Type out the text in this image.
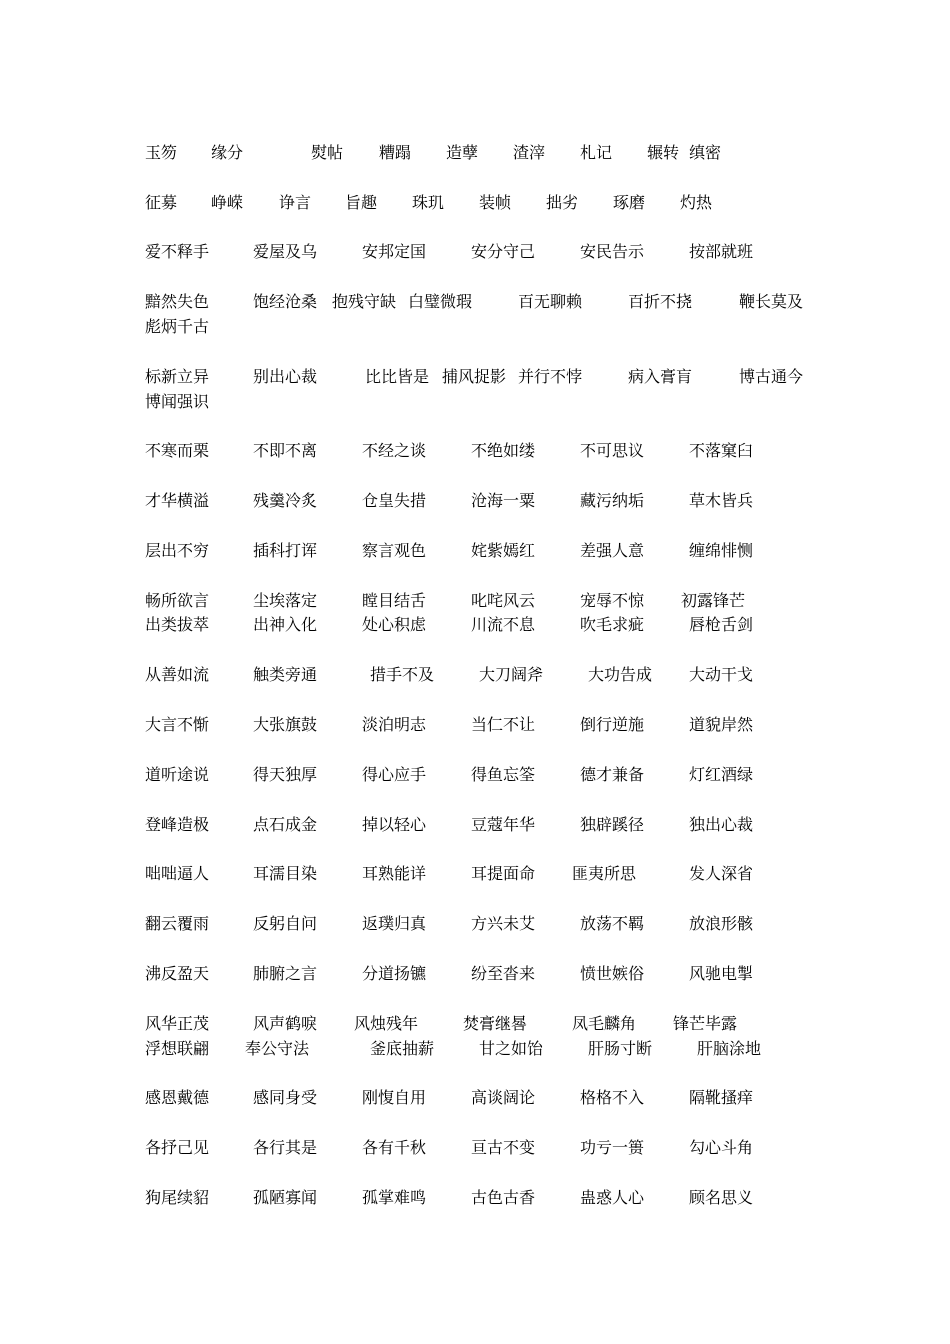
玉笏 缘分	熨帖 糟蹋 造孽 渣滓 札记 辗转 缜密
征募 峥嵘 诤言 旨趣 珠玑 装帧 拙劣 琢磨 灼热
爱不释手	爱屋及乌	安邦定国	安分守己	安民告示	按部就班
黯然失色	饱经沧桑 抱残守缺 白璧微瑕	百无聊赖	百折不挠	鞭长莫及
彪炳千古
标新立异	别出心裁	比比皆是 捕风捉影 并行不悖	病入膏肓	博古通今
博闻强识
不寒而栗	不即不离	不经之谈	不绝如缕	不可思议	不落窠臼
才华横溢	残羹冷炙	仓皇失措	沧海一粟	藏污纳垢	草木皆兵
层出不穷	插科打诨	察言观色	姹紫嫣红	差强人意	缠绵悱恻
畅所欲言	尘埃落定	瞠目结舌	叱咤风云	宠辱不惊 初露锋芒
出类拔萃	出神入化	处心积虑	川流不息	吹毛求疵	唇枪舌剑
从善如流	触类旁通	措手不及	大刀阔斧	大功告成 大动干戈
大言不惭	大张旗鼓	淡泊明志	当仁不让	倒行逆施	道貌岸然
道听途说	得天独厚	得心应手	得鱼忘筌	德才兼备	灯红酒绿
登峰造极	点石成金	掉以轻心	豆蔻年华	独辟蹊径	独出心裁
咄咄逼人	耳濡目染	耳熟能详	耳提面命 匪夷所思	发人深省
翻云覆雨	反躬自问	返璞归真	方兴未艾	放荡不羁	放浪形骸
沸反盈天	肺腑之言	分道扬镳	纷至沓来	愤世嫉俗	风驰电掣
风华正茂	风声鹤唳 风烛残年	焚膏继晷	凤毛麟角 锋芒毕露
浮想联翩 奉公守法	釜底抽薪	甘之如饴	肝肠寸断	肝脑涂地
感恩戴德	感同身受	刚愎自用	高谈阔论	格格不入	隔靴搔痒
各抒己见	各行其是	各有千秋	亘古不变	功亏一篑	勾心斗角
狗尾续貂	孤陋寡闻	孤掌难鸣	古色古香	蛊惑人心	顾名思义
